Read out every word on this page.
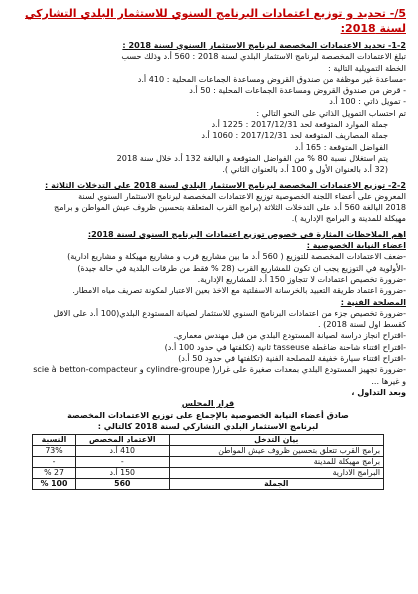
5/- تحديد و توزيع اعتمادات البرنامج السنوي للاستثمار البلدي التشاركي لسنة 2018:
1-2- تحديد الاعتمادات المخصصة لبرنامج الاستثمار السنوي لسنة 2018 :
تبلغ الاعتمادات المخصصة لبرنامج الاستثمار البلدي لسنة 2018 : 560 أ.د وذلك حسب
الخطة التمويلية التالية :
-مساعدة غير موظفة من صندوق القروض ومساعدة الجماعات المحلية : 410 أ.د
- قرض من صندوق القروض ومساعدة الجماعات المحلية : 50 أ.د
- تمويل ذاتي : 100 أ.د
تم احتساب التمويل الذاتي على النحو التالي :
جملة الموارد المتوقعة لحد 2017/12/31 : 1225 أ.د
جملة المصاريف المتوقعة لحد 2017/12/31 : 1060 أ.د
الفواضل المتوقعة : 165 أ.د
يتم استغلال نسبة 80 % من الفواضل المتوقعة و البالغة 132 أ.د خلال سنة 2018
(32 أ.د بالعنوان الأول و 100 أ.د بالعنوان الثاني ).
2-2- توزيع الاعتمادات المخصصة لبرنامج الاستثمار البلدي لسنة 2018 على التدخلات الثلاثة :
المعروض على أعضاء اللجنة الخصوصية توزيع الاعتمادات المخصصة لبرنامج الاستثمار السنوي لسنة
2018 البالغة 560 أ.د على التدخلات الثلاثة (برامج القرب المتعلقة بتحسين ظروف عيش المواطن و برامج
مهيكلة للمدينة و البرامج الإدارية ).
اهم الملاحظات المثارة في خصوص توزيع اعتمادات البرنامج السنوي لسنة 2018:
اعضاء النيابة الخصوصية :
-ضعف الاعتمادات المخصصة للتوزيع ( 560 أ.د ما بين مشاريع قرب و مشاريع مهيكلة و مشاريع ادارية)
-الأولوية في التوزيع يجب ان تكون للمشاريع القرب (28 % فقط من طرقات البلدية في حالة جيدة)
-ضرورة تخصيص اعتمادات لا تتجاوز 150 أ.د للمشاريع الإدارية.
-ضرورة اعتماد طريقة التعبيد بالخرسانة الاسفلتية مع الاخذ بعين الاعتبار لمكونة تصريف مياه الامطار.
المصلحة الفنية :
-ضرورة تخصيص جزء من اعتمادات البرنامج السنوي للاستثمار لصيانة المستودع البلدي(100 أ.د على الاقل
كقسط اول لسنة 2018) .
-اقتراح انجاز دراسة لصيانة المستودع البلدي من قبل مهندس معماري.
-اقتراح اقتناء شاحنة ضاغطة tasseuse ثانية (تكلفتها في حدود 100 أ.د)
-اقتراح اقتناء سيارة خفيفة للمصلحة الفنية (تكلفتها في حدود 50 أ.د)
-ضرورة تجهيز المستودع البلدي بمعدات صغيرة على غرار( cylindre-groupe و scie à betton-compacteur
و غيرها ...
وبعد التداول ،
قرار المجلس
صادق أعضاء النيابة الخصوصية بالإجماع على توزيع الاعتمادات المخصصة
لبرنامج الاستثمار البلدي التشاركي لسنة 2018 كالتالي :
بيان التدخل	الاعتماد المخصص	النسبة
برامج القرب تتعلق بتحسين ظروف عيش المواطن	410 أ.د	73%
برامج مهيكلة للمدينة	-	-
البرامج الادارية	150 أ.د	27 %
الجملة	560	100 %
